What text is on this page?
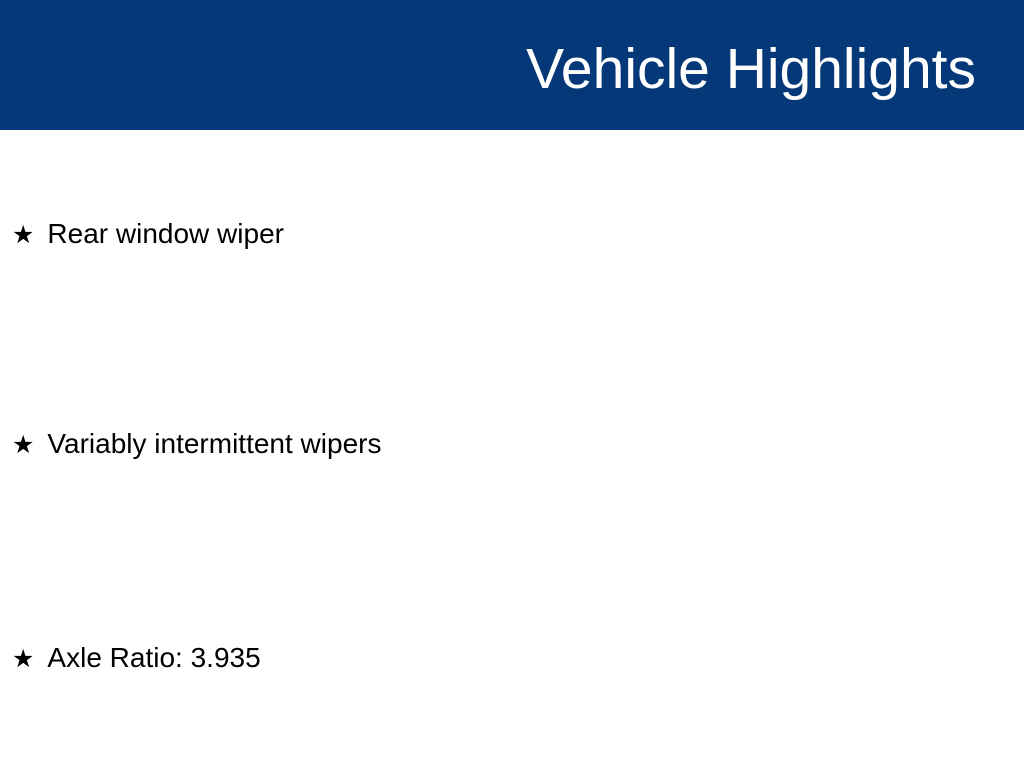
Vehicle Highlights
★ Rear window wiper
★ Variably intermittent wipers
★ Axle Ratio: 3.935
